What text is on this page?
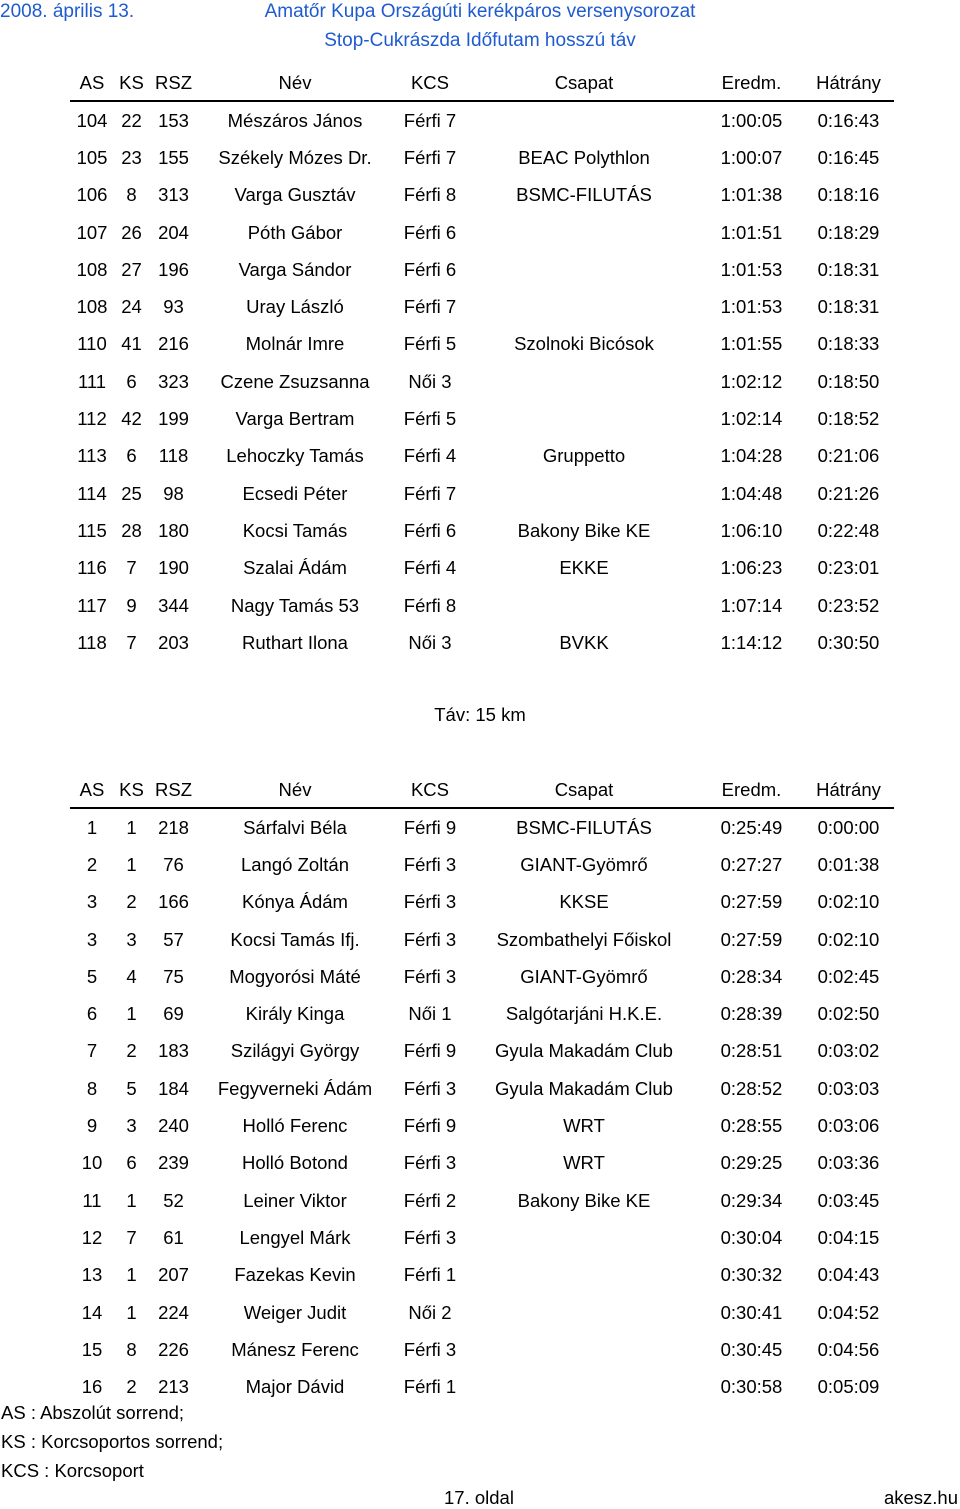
2008. április 13.	Amatőr Kupa Országúti kerékpáros versenysorozat
Stop-Cukrászda Időfutam hosszú táv
AS	KS	RSZ	Név	KCS	Csapat	Eredm.	Hátrány
104	22	153	Mészáros János	Férfi 7		1:00:05	0:16:43
105	23	155	Székely Mózes Dr.	Férfi 7	BEAC Polythlon	1:00:07	0:16:45
106	8	313	Varga Gusztáv	Férfi 8	BSMC-FILUTÁS	1:01:38	0:18:16
107	26	204	Póth Gábor	Férfi 6		1:01:51	0:18:29
108	27	196	Varga Sándor	Férfi 6		1:01:53	0:18:31
108	24	93	Uray László	Férfi 7		1:01:53	0:18:31
110	41	216	Molnár Imre	Férfi 5	Szolnoki Bicósok	1:01:55	0:18:33
111	6	323	Czene Zsuzsanna	Női 3		1:02:12	0:18:50
112	42	199	Varga Bertram	Férfi 5		1:02:14	0:18:52
113	6	118	Lehoczky Tamás	Férfi 4	Gruppetto	1:04:28	0:21:06
114	25	98	Ecsedi Péter	Férfi 7		1:04:48	0:21:26
115	28	180	Kocsi Tamás	Férfi 6	Bakony Bike KE	1:06:10	0:22:48
116	7	190	Szalai Ádám	Férfi 4	EKKE	1:06:23	0:23:01
117	9	344	Nagy Tamás 53	Férfi 8		1:07:14	0:23:52
118	7	203	Ruthart Ilona	Női 3	BVKK	1:14:12	0:30:50
Táv: 15 km
AS	KS	RSZ	Név	KCS	Csapat	Eredm.	Hátrány
1	1	218	Sárfalvi Béla	Férfi 9	BSMC-FILUTÁS	0:25:49	0:00:00
2	1	76	Langó Zoltán	Férfi 3	GIANT-Gyömrő	0:27:27	0:01:38
3	2	166	Kónya Ádám	Férfi 3	KKSE	0:27:59	0:02:10
3	3	57	Kocsi Tamás Ifj.	Férfi 3	Szombathelyi Főiskol	0:27:59	0:02:10
5	4	75	Mogyorósi Máté	Férfi 3	GIANT-Gyömrő	0:28:34	0:02:45
6	1	69	Király Kinga	Női 1	Salgótarjáni H.K.E.	0:28:39	0:02:50
7	2	183	Szilágyi György	Férfi 9	Gyula Makadám Club	0:28:51	0:03:02
8	5	184	Fegyverneki Ádám	Férfi 3	Gyula Makadám Club	0:28:52	0:03:03
9	3	240	Holló Ferenc	Férfi 9	WRT	0:28:55	0:03:06
10	6	239	Holló Botond	Férfi 3	WRT	0:29:25	0:03:36
11	1	52	Leiner Viktor	Férfi 2	Bakony Bike KE	0:29:34	0:03:45
12	7	61	Lengyel Márk	Férfi 3		0:30:04	0:04:15
13	1	207	Fazekas Kevin	Férfi 1		0:30:32	0:04:43
14	1	224	Weiger Judit	Női 2		0:30:41	0:04:52
15	8	226	Mánesz Ferenc	Férfi 3		0:30:45	0:04:56
16	2	213	Major Dávid	Férfi 1		0:30:58	0:05:09
AS : Abszolút sorrend;
KS : Korcsoportos sorrend;
KCS : Korcsoport
17. oldal	akesz.hu
